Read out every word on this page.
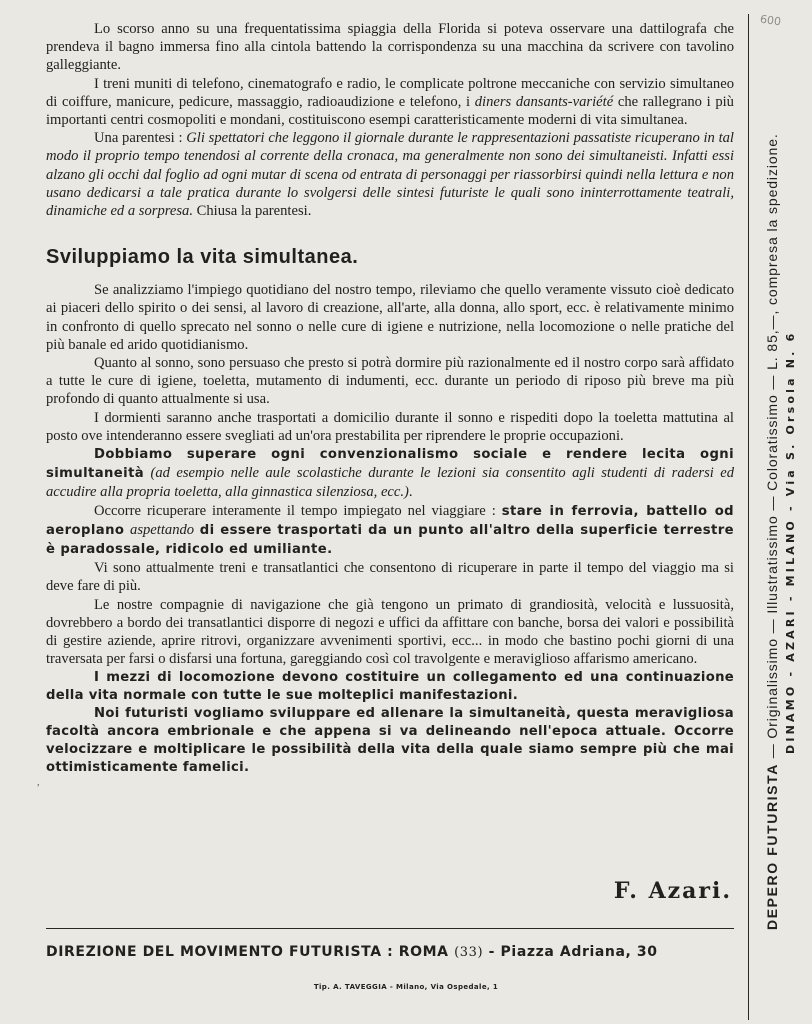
600

Lo scorso anno su una frequentatissima spiaggia della Florida si poteva osservare una dattilografa che prendeva il bagno immersa fino alla cintola battendo la corrispondenza su una macchina da scrivere con tavolino galleggiante.

I treni muniti di telefono, cinematografo e radio, le complicate poltrone meccaniche con servizio simultaneo di coiffure, manicure, pedicure, massaggio, radioaudizione e telefono, i diners dansants-variété che rallegrano i più importanti centri cosmopoliti e mondani, costituiscono esempi caratteristicamente moderni di vita simultanea.

Una parentesi : Gli spettatori che leggono il giornale durante le rappresentazioni passatiste ricuperano in tal modo il proprio tempo tenendosi al corrente della cronaca, ma generalmente non sono dei simultaneisti. Infatti essi alzano gli occhi dal foglio ad ogni mutar di scena od entrata di personaggi per riassorbirsi quindi nella lettura e non usano dedicarsi a tale pratica durante lo svolgersi delle sintesi futuriste le quali sono ininterrottamente teatrali, dinamiche ed a sorpresa. Chiusa la parentesi.

Sviluppiamo la vita simultanea.

Se analizziamo l'impiego quotidiano del nostro tempo, rileviamo che quello veramente vissuto cioè dedicato ai piaceri dello spirito o dei sensi, al lavoro di creazione, all'arte, alla donna, allo sport, ecc. è relativamente minimo in confronto di quello sprecato nel sonno o nelle cure di igiene e nutrizione, nella locomozione o nelle pratiche del più banale ed arido quotidianismo.

Quanto al sonno, sono persuaso che presto si potrà dormire più razionalmente ed il nostro corpo sarà affidato a tutte le cure di igiene, toeletta, mutamento di indumenti, ecc. durante un periodo di riposo più breve ma più profondo di quanto attualmente si usa.

I dormienti saranno anche trasportati a domicilio durante il sonno e rispediti dopo la toeletta mattutina al posto ove intenderanno essere svegliati ad un'ora prestabilita per riprendere le proprie occupazioni.

Dobbiamo superare ogni convenzionalismo sociale e rendere lecita ogni simultaneità (ad esempio nelle aule scolastiche durante le lezioni sia consentito agli studenti di radersi ed accudire alla propria toeletta, alla ginnastica silenziosa, ecc.).

Occorre ricuperare interamente il tempo impiegato nel viaggiare : stare in ferrovia, battello od aeroplano aspettando di essere trasportati da un punto all'altro della superficie terrestre è paradossale, ridicolo ed umiliante.

Vi sono attualmente treni e transatlantici che consentono di ricuperare in parte il tempo del viaggio ma si deve fare di più.

Le nostre compagnie di navigazione che già tengono un primato di grandiosità, velocità e lussuosità, dovrebbero a bordo dei transatlantici disporre di negozi e uffici da affittare con banche, borsa dei valori e possibilità di gestire aziende, aprire ritrovi, organizzare avvenimenti sportivi, ecc... in modo che bastino pochi giorni di una traversata per farsi o disfarsi una fortuna, gareggiando così col travolgente e meraviglioso affarismo americano.

I mezzi di locomozione devono costituire un collegamento ed una continuazione della vita normale con tutte le sue molteplici manifestazioni.

Noi futuristi vogliamo sviluppare ed allenare la simultaneità, questa meravigliosa facoltà ancora embrionale e che appena si va delineando nell'epoca attuale. Occorre velocizzare e moltiplicare le possibilità della vita della quale siamo sempre più che mai ottimisticamente famelici.

,
F. Azari.
DIREZIONE DEL MOVIMENTO FUTURISTA : ROMA (33) - Piazza Adriana, 30
Tip. A. TAVEGGIA - Milano, Via Ospedale, 1
DEPERO FUTURISTA — Originalissimo — Illustratissimo — Coloratissimo — L. 85,—, compresa la spedizione. DINAMO - AZARI - MILANO - Via S. Orsola N. 6
